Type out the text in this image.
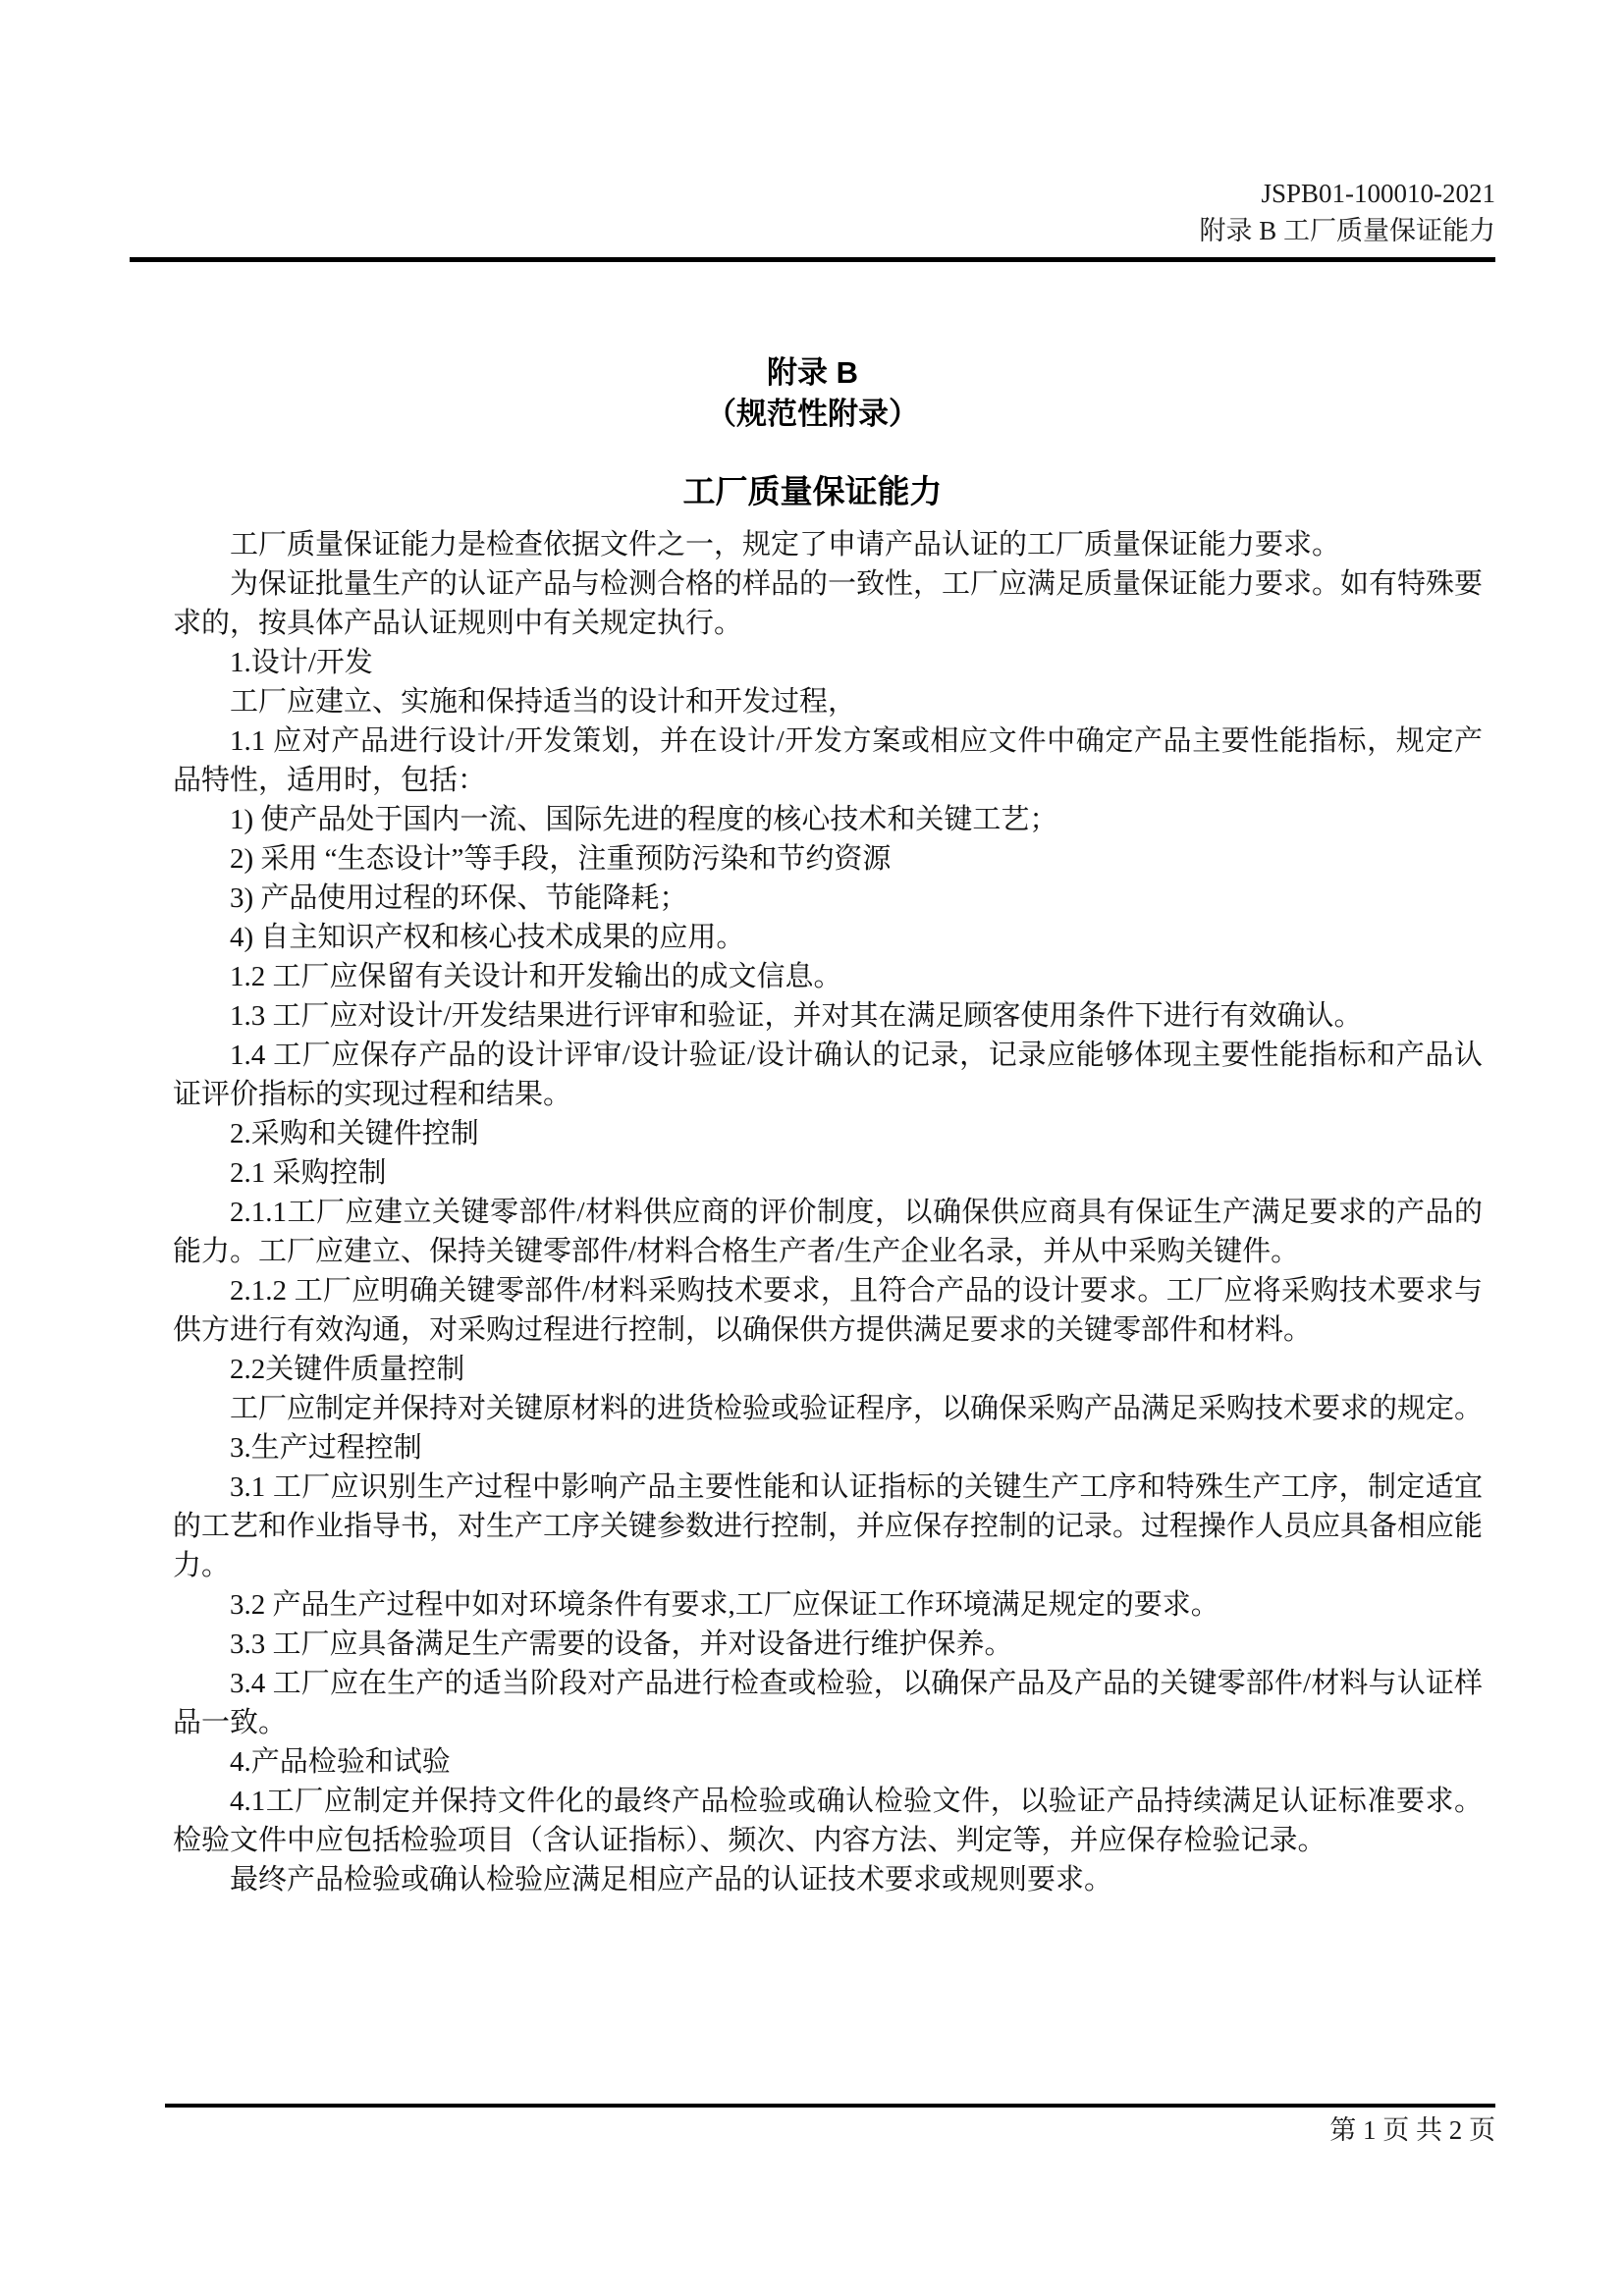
JSPB01-100010-2021
附录 B 工厂质量保证能力
附录 B
（规范性附录）
工厂质量保证能力

工厂质量保证能力是检查依据文件之一，规定了申请产品认证的工厂质量保证能力要求。

为保证批量生产的认证产品与检测合格的样品的一致性，工厂应满足质量保证能力要求。如有特殊要求的，按具体产品认证规则中有关规定执行。

1.设计/开发

工厂应建立、实施和保持适当的设计和开发过程，

1.1 应对产品进行设计/开发策划，并在设计/开发方案或相应文件中确定产品主要性能指标，规定产品特性，适用时，包括：

1) 使产品处于国内一流、国际先进的程度的核心技术和关键工艺；

2) 采用 “生态设计”等手段，注重预防污染和节约资源

3) 产品使用过程的环保、节能降耗；

4) 自主知识产权和核心技术成果的应用。

1.2 工厂应保留有关设计和开发输出的成文信息。

1.3 工厂应对设计/开发结果进行评审和验证，并对其在满足顾客使用条件下进行有效确认。

1.4 工厂应保存产品的设计评审/设计验证/设计确认的记录，记录应能够体现主要性能指标和产品认证评价指标的实现过程和结果。

2.采购和关键件控制

2.1 采购控制

2.1.1工厂应建立关键零部件/材料供应商的评价制度，以确保供应商具有保证生产满足要求的产品的能力。工厂应建立、保持关键零部件/材料合格生产者/生产企业名录，并从中采购关键件。

2.1.2 工厂应明确关键零部件/材料采购技术要求，且符合产品的设计要求。工厂应将采购技术要求与供方进行有效沟通，对采购过程进行控制，以确保供方提供满足要求的关键零部件和材料。

2.2关键件质量控制

工厂应制定并保持对关键原材料的进货检验或验证程序，以确保采购产品满足采购技术要求的规定。

3.生产过程控制

3.1 工厂应识别生产过程中影响产品主要性能和认证指标的关键生产工序和特殊生产工序，制定适宜的工艺和作业指导书，对生产工序关键参数进行控制，并应保存控制的记录。过程操作人员应具备相应能力。

3.2 产品生产过程中如对环境条件有要求,工厂应保证工作环境满足规定的要求。

3.3 工厂应具备满足生产需要的设备，并对设备进行维护保养。

3.4 工厂应在生产的适当阶段对产品进行检查或检验，以确保产品及产品的关键零部件/材料与认证样品一致。

4.产品检验和试验

4.1工厂应制定并保持文件化的最终产品检验或确认检验文件，以验证产品持续满足认证标准要求。检验文件中应包括检验项目（含认证指标）、频次、内容方法、判定等，并应保存检验记录。

最终产品检验或确认检验应满足相应产品的认证技术要求或规则要求。

第 1 页 共 2 页
